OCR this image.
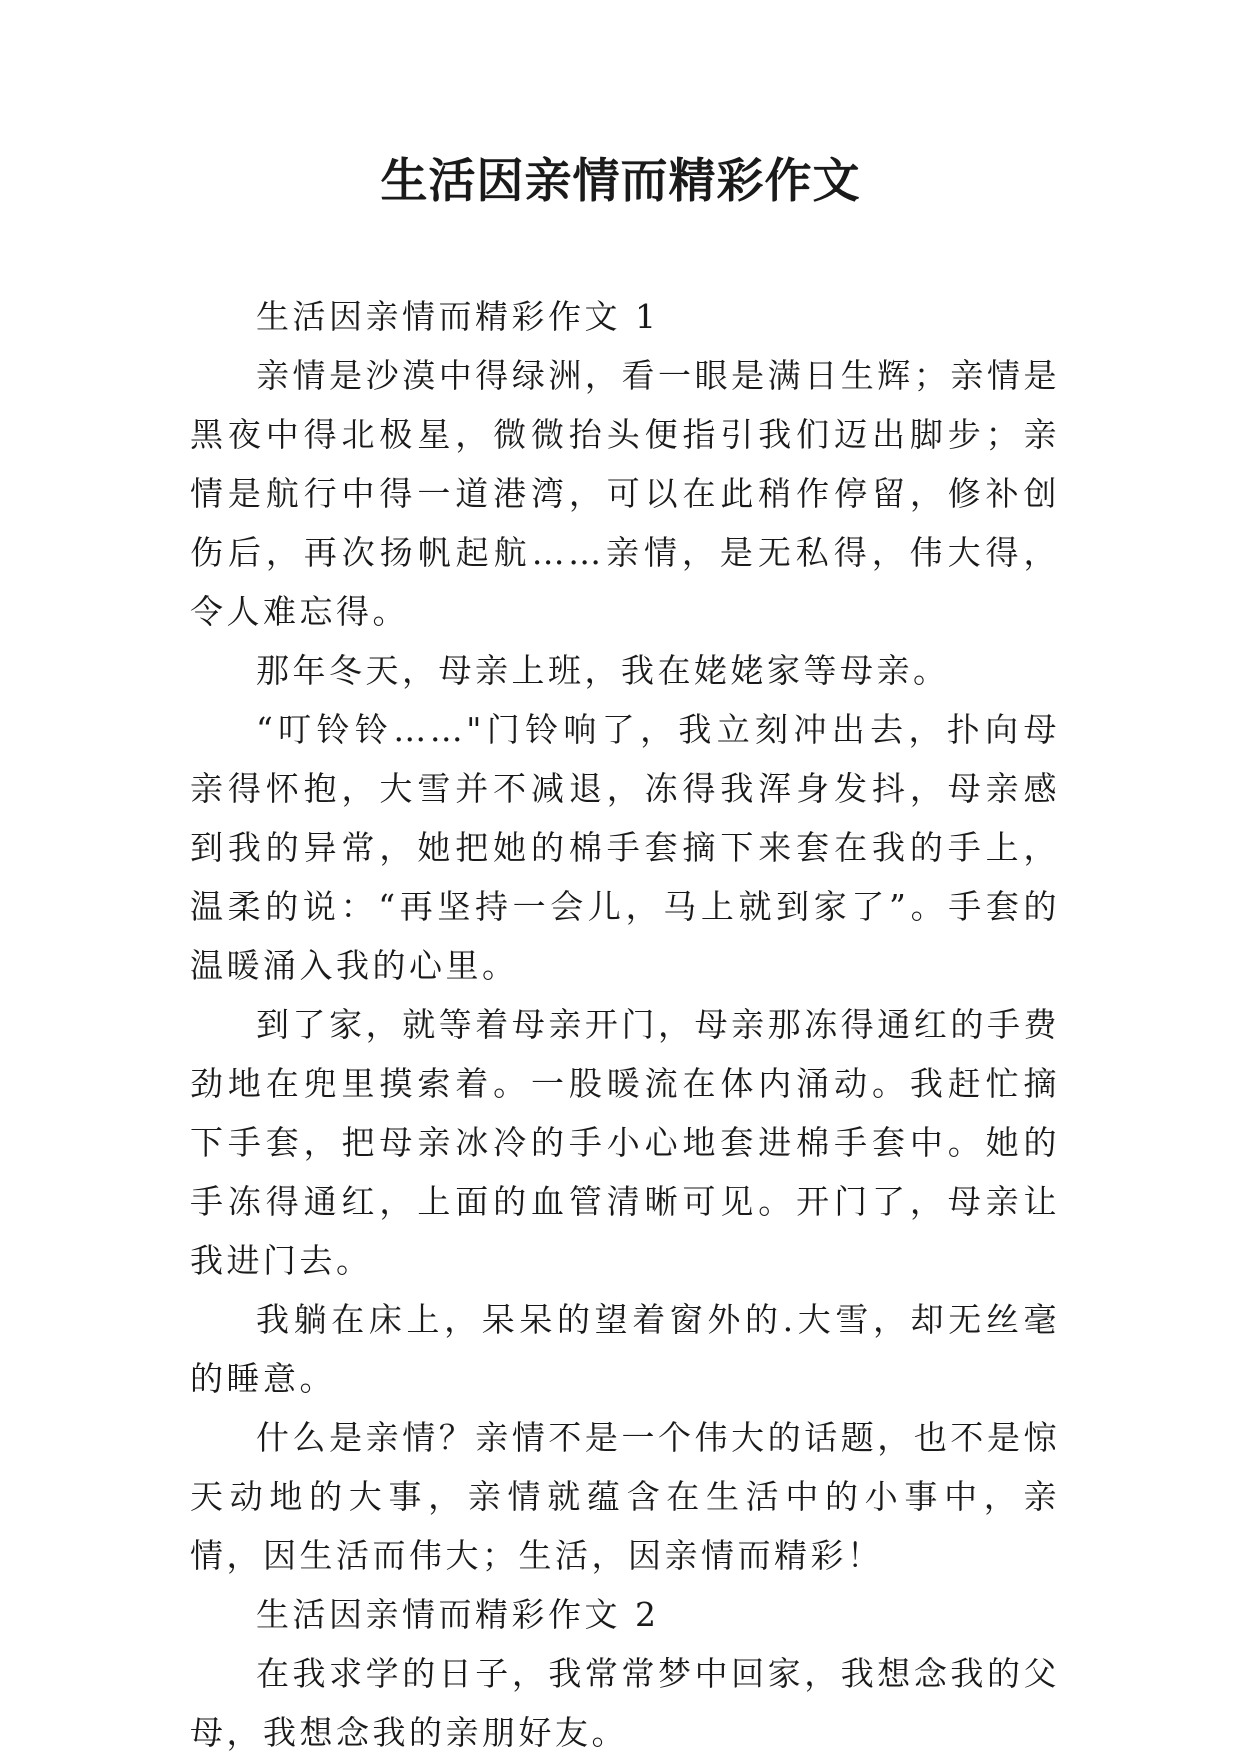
生活因亲情而精彩作文

生活因亲情而精彩作文 1

亲情是沙漠中得绿洲，看一眼是满日生辉；亲情是黑夜中得北极星，微微抬头便指引我们迈出脚步；亲情是航行中得一道港湾，可以在此稍作停留，修补创伤后，再次扬帆起航……亲情，是无私得，伟大得，令人难忘得。

那年冬天，母亲上班，我在姥姥家等母亲。

“叮铃铃……"门铃响了，我立刻冲出去，扑向母亲得怀抱，大雪并不减退，冻得我浑身发抖，母亲感到我的异常，她把她的棉手套摘下来套在我的手上，温柔的说：“再坚持一会儿，马上就到家了”。手套的温暖涌入我的心里。

到了家，就等着母亲开门，母亲那冻得通红的手费劲地在兜里摸索着。一股暖流在体内涌动。我赶忙摘下手套，把母亲冰冷的手小心地套进棉手套中。她的手冻得通红，上面的血管清晰可见。开门了，母亲让我进门去。

我躺在床上，呆呆的望着窗外的.大雪，却无丝毫的睡意。

什么是亲情？亲情不是一个伟大的话题，也不是惊天动地的大事，亲情就蕴含在生活中的小事中，亲情，因生活而伟大；生活，因亲情而精彩！

生活因亲情而精彩作文 2

在我求学的日子，我常常梦中回家，我想念我的父母，我想念我的亲朋好友。
